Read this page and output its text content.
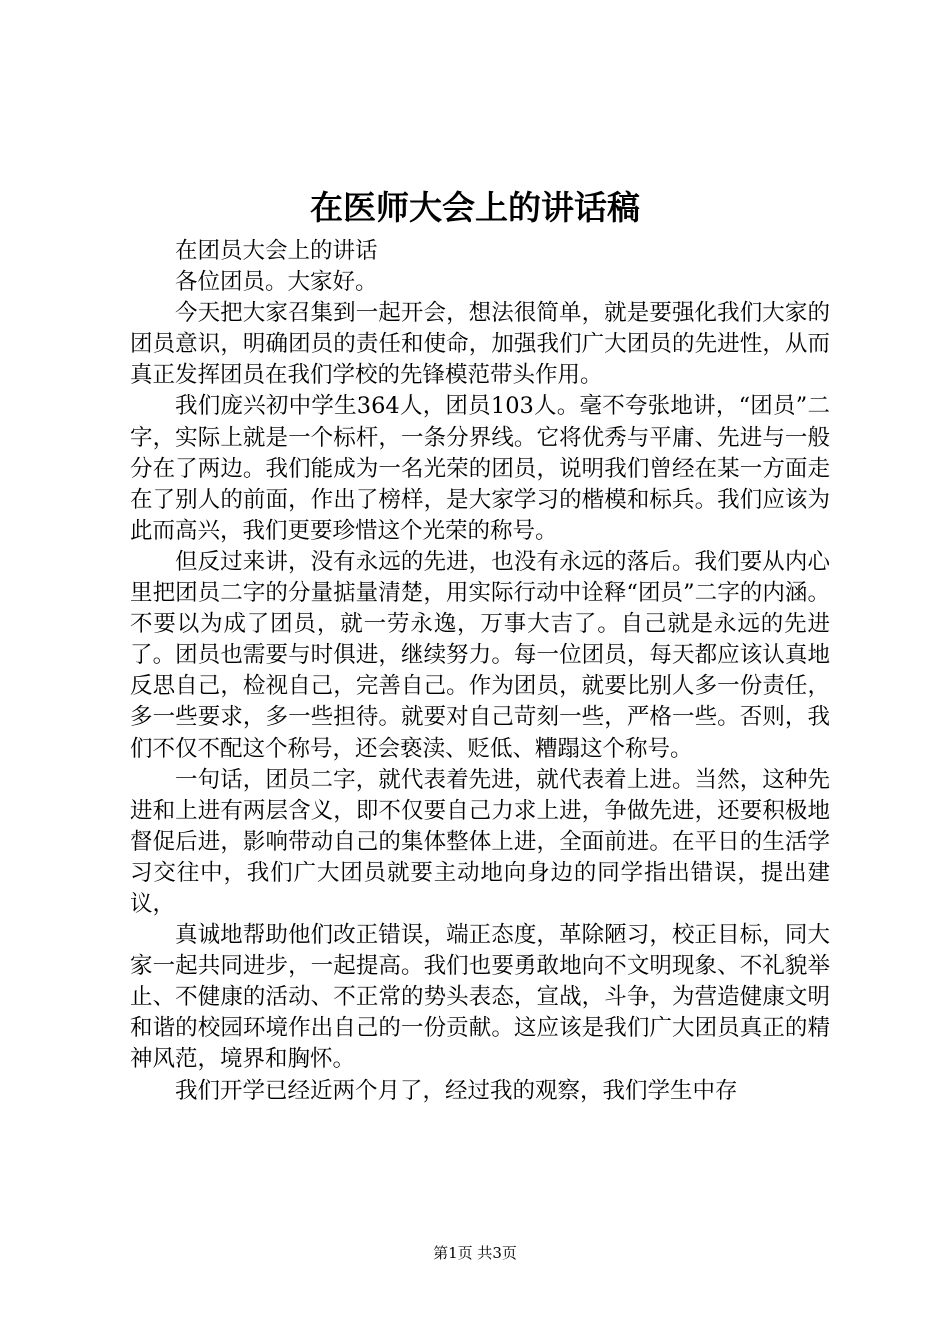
在医师大会上的讲话稿

在团员大会上的讲话

各位团员。大家好。

今天把大家召集到一起开会，想法很简单，就是要强化我们大家的团员意识，明确团员的责任和使命，加强我们广大团员的先进性，从而真正发挥团员在我们学校的先锋模范带头作用。

我们庞兴初中学生364人，团员103人。毫不夸张地讲，“团员”二字，实际上就是一个标杆，一条分界线。它将优秀与平庸、先进与一般分在了两边。我们能成为一名光荣的团员，说明我们曾经在某一方面走在了别人的前面，作出了榜样，是大家学习的楷模和标兵。我们应该为此而高兴，我们更要珍惜这个光荣的称号。

但反过来讲，没有永远的先进，也没有永远的落后。我们要从内心里把团员二字的分量掂量清楚，用实际行动中诠释“团员”二字的内涵。不要以为成了团员，就一劳永逸，万事大吉了。自己就是永远的先进了。团员也需要与时俱进，继续努力。每一位团员，每天都应该认真地反思自己，检视自己，完善自己。作为团员，就要比别人多一份责任，多一些要求，多一些担待。就要对自己苛刻一些，严格一些。否则，我们不仅不配这个称号，还会亵渎、贬低、糟蹋这个称号。

一句话，团员二字，就代表着先进，就代表着上进。当然，这种先进和上进有两层含义，即不仅要自己力求上进，争做先进，还要积极地督促后进，影响带动自己的集体整体上进，全面前进。在平日的生活学习交往中，我们广大团员就要主动地向身边的同学指出错误，提出建议，

真诚地帮助他们改正错误，端正态度，革除陋习，校正目标，同大家一起共同进步，一起提高。我们也要勇敢地向不文明现象、不礼貌举止、不健康的活动、不正常的势头表态，宣战，斗争，为营造健康文明和谐的校园环境作出自己的一份贡献。这应该是我们广大团员真正的精神风范，境界和胸怀。

我们开学已经近两个月了，经过我的观察，我们学生中存

第1页 共3页
